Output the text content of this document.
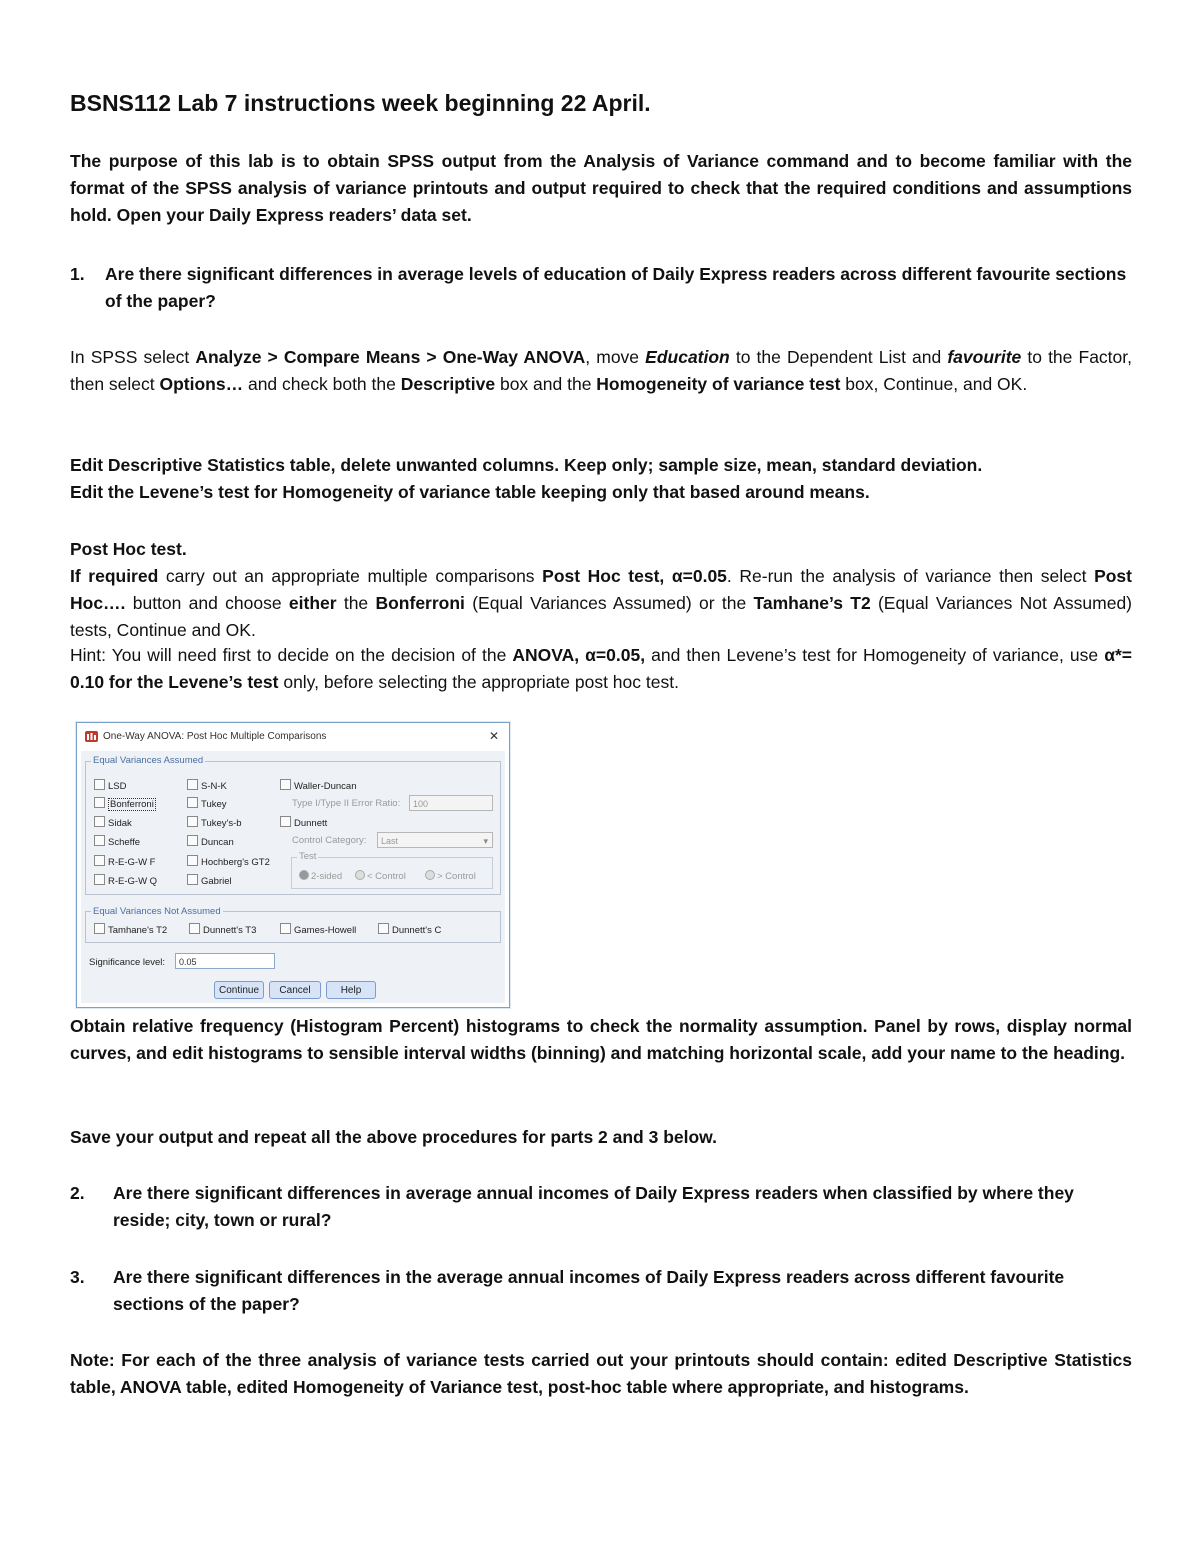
BSNS112 Lab 7 instructions week beginning 22 April.
The purpose of this lab is to obtain SPSS output from the Analysis of Variance command and to become familiar with the format of the SPSS analysis of variance printouts and output required to check that the required conditions and assumptions hold. Open your Daily Express readers’ data set.
1. Are there significant differences in average levels of education of Daily Express readers across different favourite sections of the paper?
In SPSS select Analyze > Compare Means > One-Way ANOVA, move Education to the Dependent List and favourite to the Factor, then select Options… and check both the Descriptive box and the Homogeneity of variance test box, Continue, and OK.
Edit Descriptive Statistics table, delete unwanted columns. Keep only; sample size, mean, standard deviation.
Edit the Levene’s test for Homogeneity of variance table keeping only that based around means.
Post Hoc test.
If required carry out an appropriate multiple comparisons Post Hoc test, α=0.05. Re-run the analysis of variance then select Post Hoc…. button and choose either the Bonferroni (Equal Variances Assumed) or the Tamhane’s T2 (Equal Variances Not Assumed) tests, Continue and OK.
Hint: You will need first to decide on the decision of the ANOVA, α=0.05, and then Levene’s test for Homogeneity of variance, use α*= 0.10 for the Levene’s test only, before selecting the appropriate post hoc test.
One-Way ANOVA: Post Hoc Multiple Comparisons	✕
Equal Variances Assumed
LSD
Bonferroni
Sidak
Scheffe
R-E-G-W F
R-E-G-W Q
S-N-K
Tukey
Tukey's-b
Duncan
Hochberg's GT2
Gabriel
Waller-Duncan
Type I/Type II Error Ratio:	100
Dunnett
Control Category:	Last	▾
Test
2-sided	< Control	> Control
Equal Variances Not Assumed
Tamhane's T2	Dunnett's T3	Games-Howell	Dunnett's C
Significance level:	0.05
Continue	Cancel	Help
Obtain relative frequency (Histogram Percent) histograms to check the normality assumption. Panel by rows, display normal curves, and edit histograms to sensible interval widths (binning) and matching horizontal scale, add your name to the heading.
Save your output and repeat all the above procedures for parts 2 and 3 below.
2. Are there significant differences in average annual incomes of Daily Express readers when classified by where they reside; city, town or rural?
3. Are there significant differences in the average annual incomes of Daily Express readers across different favourite sections of the paper?
Note: For each of the three analysis of variance tests carried out your printouts should contain: edited Descriptive Statistics table, ANOVA table, edited Homogeneity of Variance test, post-hoc table where appropriate, and histograms.
